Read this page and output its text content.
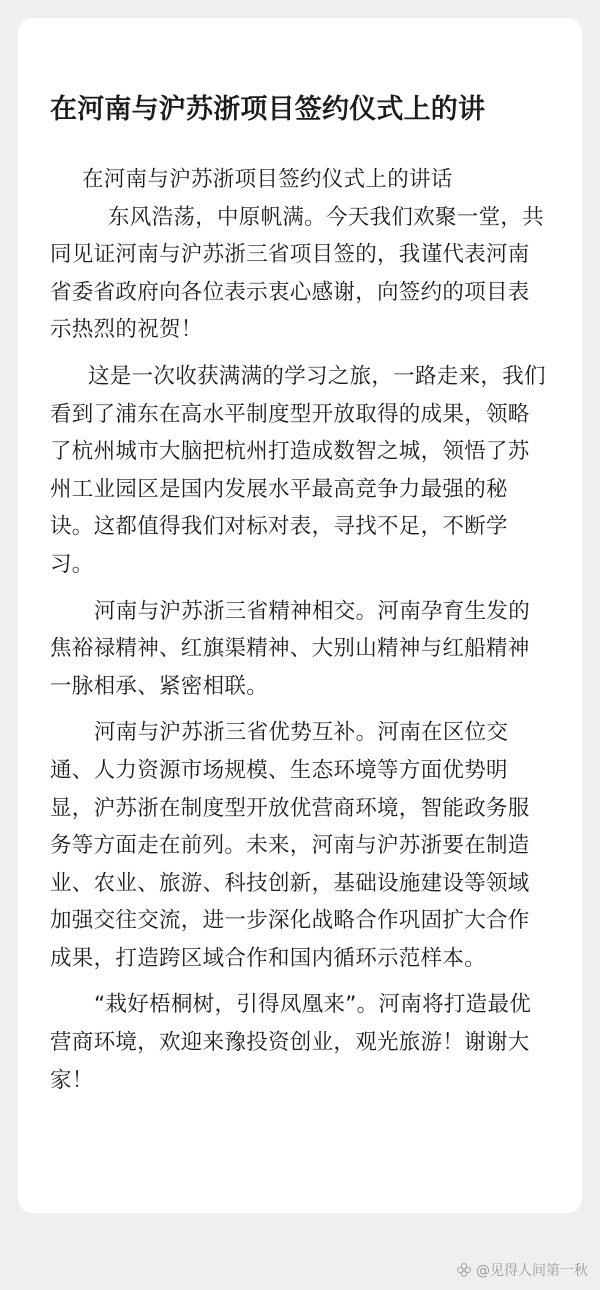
在河南与沪苏浙项目签约仪式上的讲

在河南与沪苏浙项目签约仪式上的讲话

东风浩荡，中原帆满。今天我们欢聚一堂，共同见证河南与沪苏浙三省项目签的，我谨代表河南省委省政府向各位表示衷心感谢，向签约的项目表示热烈的祝贺！

这是一次收获满满的学习之旅，一路走来，我们看到了浦东在高水平制度型开放取得的成果，领略了杭州城市大脑把杭州打造成数智之城，领悟了苏州工业园区是国内发展水平最高竞争力最强的秘诀。这都值得我们对标对表，寻找不足，不断学习。

河南与沪苏浙三省精神相交。河南孕育生发的焦裕禄精神、红旗渠精神、大别山精神与红船精神一脉相承、紧密相联。

河南与沪苏浙三省优势互补。河南在区位交通、人力资源市场规模、生态环境等方面优势明显，沪苏浙在制度型开放优营商环境，智能政务服务等方面走在前列。未来，河南与沪苏浙要在制造业、农业、旅游、科技创新，基础设施建设等领域加强交往交流，进一步深化战略合作巩固扩大合作成果，打造跨区域合作和国内循环示范样本。

“栽好梧桐树，引得凤凰来”。河南将打造最优营商环境，欢迎来豫投资创业，观光旅游！谢谢大家！

@见得人间第一秋
